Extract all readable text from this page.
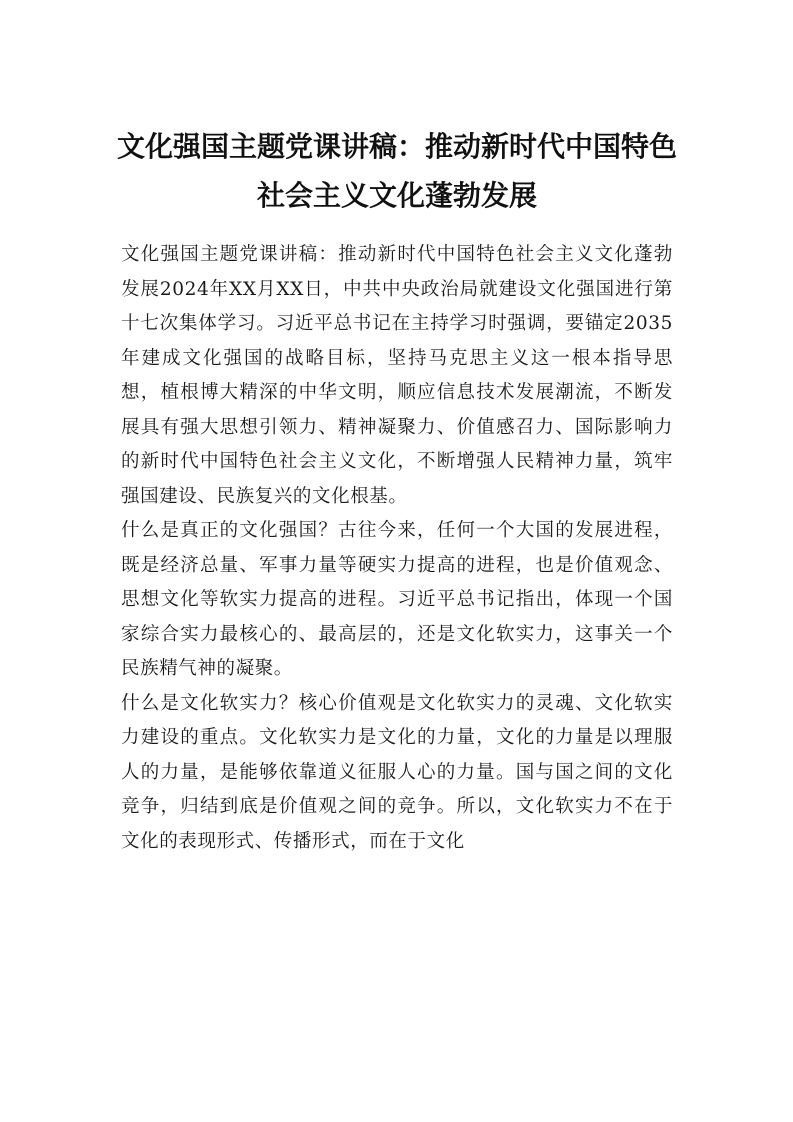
文化强国主题党课讲稿：推动新时代中国特色社会主义文化蓬勃发展

文化强国主题党课讲稿：推动新时代中国特色社会主义文化蓬勃发展2024年XX月XX日，中共中央政治局就建设文化强国进行第十七次集体学习。习近平总书记在主持学习时强调，要锚定2035年建成文化强国的战略目标，坚持马克思主义这一根本指导思想，植根博大精深的中华文明，顺应信息技术发展潮流，不断发展具有强大思想引领力、精神凝聚力、价值感召力、国际影响力的新时代中国特色社会主义文化，不断增强人民精神力量，筑牢强国建设、民族复兴的文化根基。

什么是真正的文化强国？古往今来，任何一个大国的发展进程，既是经济总量、军事力量等硬实力提高的进程，也是价值观念、思想文化等软实力提高的进程。习近平总书记指出，体现一个国家综合实力最核心的、最高层的，还是文化软实力，这事关一个民族精气神的凝聚。

什么是文化软实力？核心价值观是文化软实力的灵魂、文化软实力建设的重点。文化软实力是文化的力量，文化的力量是以理服人的力量，是能够依靠道义征服人心的力量。国与国之间的文化竞争，归结到底是价值观之间的竞争。所以，文化软实力不在于文化的表现形式、传播形式，而在于文化
